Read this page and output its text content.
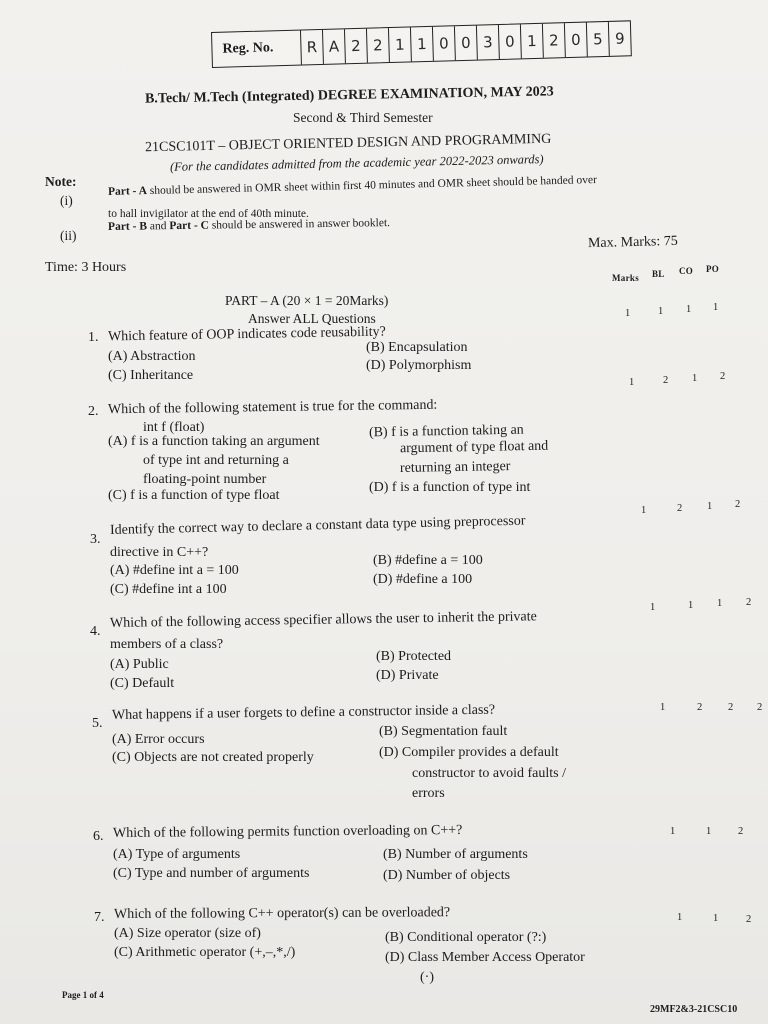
Reg. No.	R A 2 2 1 1 0 0 3 0 1 2 0 5 9
B.Tech/ M.Tech (Integrated) DEGREE EXAMINATION, MAY 2023
Second & Third Semester
21CSC101T – OBJECT ORIENTED DESIGN AND PROGRAMMING
(For the candidates admitted from the academic year 2022-2023 onwards)
Note:
(i)
Part - A should be answered in OMR sheet within first 40 minutes and OMR sheet should be handed over
to hall invigilator at the end of 40th minute.
(ii)
Part - B and Part - C should be answered in answer booklet.
Time: 3 Hours
Max. Marks: 75
Marks BL CO PO
PART – A (20 × 1 = 20Marks)
Answer ALL Questions
1. Which feature of OOP indicates code reusability?
(A) Abstraction
(B) Encapsulation
(C) Inheritance
(D) Polymorphism
1	1 1 1
2. Which of the following statement is true for the command:
int f (float)
(A) f is a function taking an argument
of type int and returning a
floating-point number
(B) f is a function taking an
argument of type float and
returning an integer
(C) f is a function of type float
(D) f is a function of type int
1	2 1 2
3.
Identify the correct way to declare a constant data type using preprocessor
directive in C++?
(A) #define int a = 100
(B) #define a = 100
(C) #define int a 100
(D) #define a 100
1	2 1 2
4.
Which of the following access specifier allows the user to inherit the private
members of a class?
(A) Public
(B) Protected
(C) Default
(D) Private
1	1 1 2
5.
What happens if a user forgets to define a constructor inside a class?
(A) Error occurs
(B) Segmentation fault
(C) Objects are not created properly	(D) Compiler provides a default
constructor to avoid faults /
errors
1	2 2 2
6. Which of the following permits function overloading on C++?
(A) Type of arguments	(B) Number of arguments
(C) Type and number of arguments	(D) Number of objects
1	1	2
7. Which of the following C++ operator(s) can be overloaded?
(A) Size operator (size of)	(B) Conditional operator (?:)
(C) Arithmetic operator (+,–,*,/)	(D) Class Member Access Operator
(·)
1	1	2
Page 1 of 4
29MF2&3-21CSC10
